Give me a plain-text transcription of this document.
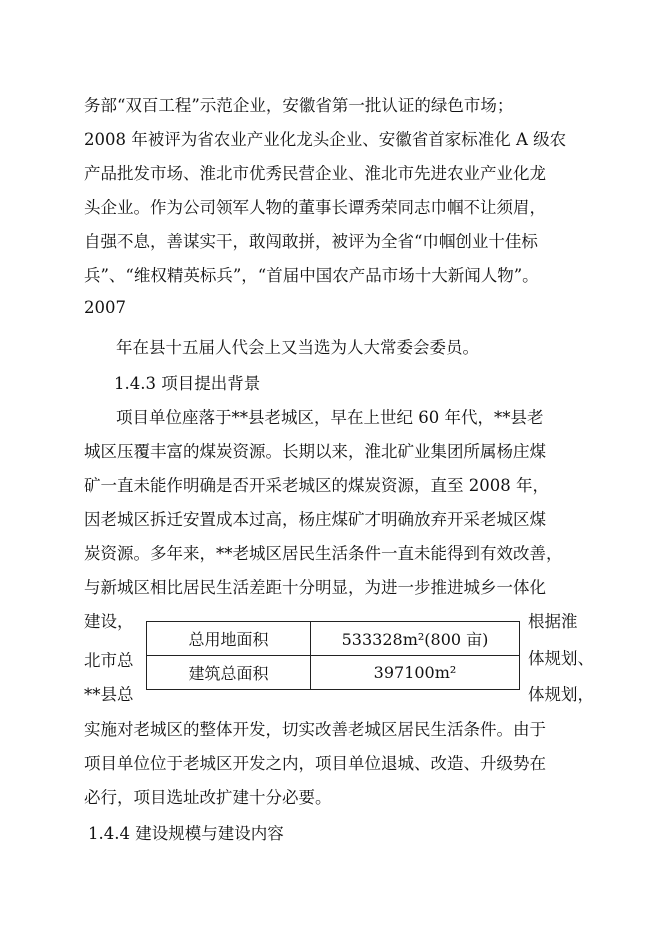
务部“双百工程”示范企业，安徽省第一批认证的绿色市场；
2008 年被评为省农业产业化龙头企业、安徽省首家标准化 A 级农
产品批发市场、淮北市优秀民营企业、淮北市先进农业产业化龙
头企业。作为公司领军人物的董事长谭秀荣同志巾帼不让须眉，
自强不息，善谋实干，敢闯敢拼，被评为全省“巾帼创业十佳标
兵”、“维权精英标兵”，“首届中国农产品市场十大新闻人物”。
2007
年在县十五届人代会上又当选为人大常委会委员。
1.4.3 项目提出背景
项目单位座落于**县老城区，早在上世纪 60 年代，**县老
城区压覆丰富的煤炭资源。长期以来，淮北矿业集团所属杨庄煤
矿一直未能作明确是否开采老城区的煤炭资源，直至 2008 年，
因老城区拆迁安置成本过高，杨庄煤矿才明确放弃开采老城区煤
炭资源。多年来，**老城区居民生活条件一直未能得到有效改善，
与新城区相比居民生活差距十分明显，为进一步推进城乡一体化
建设，
北市总
**县总
根据淮
体规划、
体规划，
总用地面积	533328m²(800 亩)
建筑总面积	397100m²
实施对老城区的整体开发，切实改善老城区居民生活条件。由于
项目单位位于老城区开发之内，项目单位退城、改造、升级势在
必行，项目选址改扩建十分必要。
1.4.4 建设规模与建设内容
